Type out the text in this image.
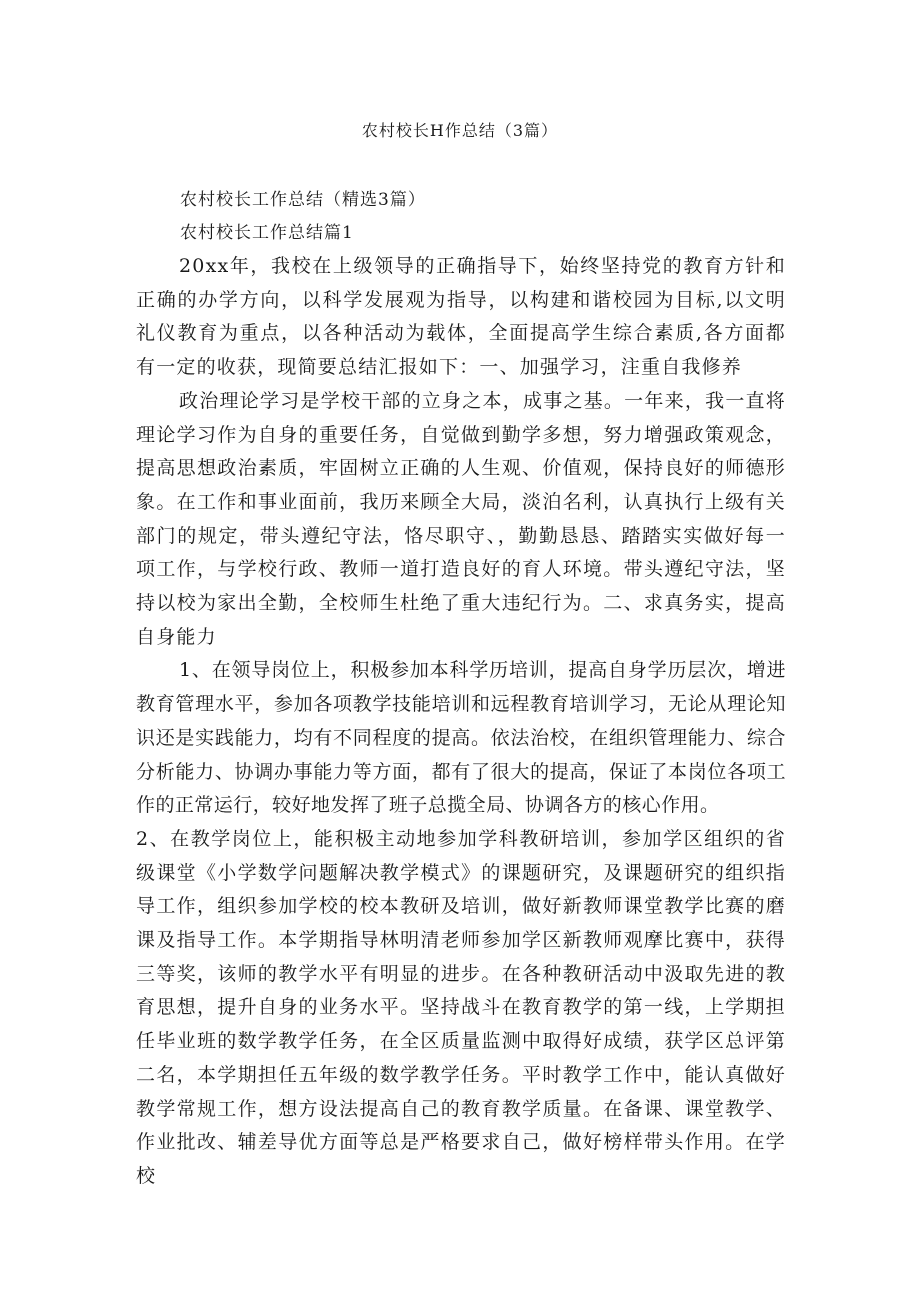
农村校长H作总结（3篇）
农村校长工作总结（精选3篇）
农村校长工作总结篇1

20xx年，我校在上级领导的正确指导下，始终坚持党的教育方针和正确的办学方向，以科学发展观为指导，以构建和谐校园为目标,以文明礼仪教育为重点，以各种活动为载体，全面提高学生综合素质,各方面都有一定的收获，现简要总结汇报如下：一、加强学习，注重自我修养

政治理论学习是学校干部的立身之本，成事之基。一年来，我一直将理论学习作为自身的重要任务，自觉做到勤学多想，努力增强政策观念，提高思想政治素质，牢固树立正确的人生观、价值观，保持良好的师德形象。在工作和事业面前，我历来顾全大局，淡泊名利，认真执行上级有关部门的规定，带头遵纪守法，恪尽职守、，勤勤恳恳、踏踏实实做好每一项工作，与学校行政、教师一道打造良好的育人环境。带头遵纪守法，坚持以校为家出全勤，全校师生杜绝了重大违纪行为。二、求真务实，提高自身能力

1、在领导岗位上，积极参加本科学历培训，提高自身学历层次，增进教育管理水平，参加各项教学技能培训和远程教育培训学习，无论从理论知识还是实践能力，均有不同程度的提高。依法治校，在组织管理能力、综合分析能力、协调办事能力等方面，都有了很大的提高，保证了本岗位各项工作的正常运行，较好地发挥了班子总揽全局、协调各方的核心作用。

2、在教学岗位上，能积极主动地参加学科教研培训，参加学区组织的省级课堂《小学数学问题解决教学模式》的课题研究，及课题研究的组织指导工作，组织参加学校的校本教研及培训，做好新教师课堂教学比赛的磨课及指导工作。本学期指导林明清老师参加学区新教师观摩比赛中，获得三等奖，该师的教学水平有明显的进步。在各种教研活动中汲取先进的教育思想，提升自身的业务水平。坚持战斗在教育教学的第一线，上学期担任毕业班的数学教学任务，在全区质量监测中取得好成绩，获学区总评第二名，本学期担任五年级的数学教学任务。平时教学工作中，能认真做好教学常规工作，想方设法提高自己的教育教学质量。在备课、课堂教学、作业批改、辅差导优方面等总是严格要求自己，做好榜样带头作用。在学校
